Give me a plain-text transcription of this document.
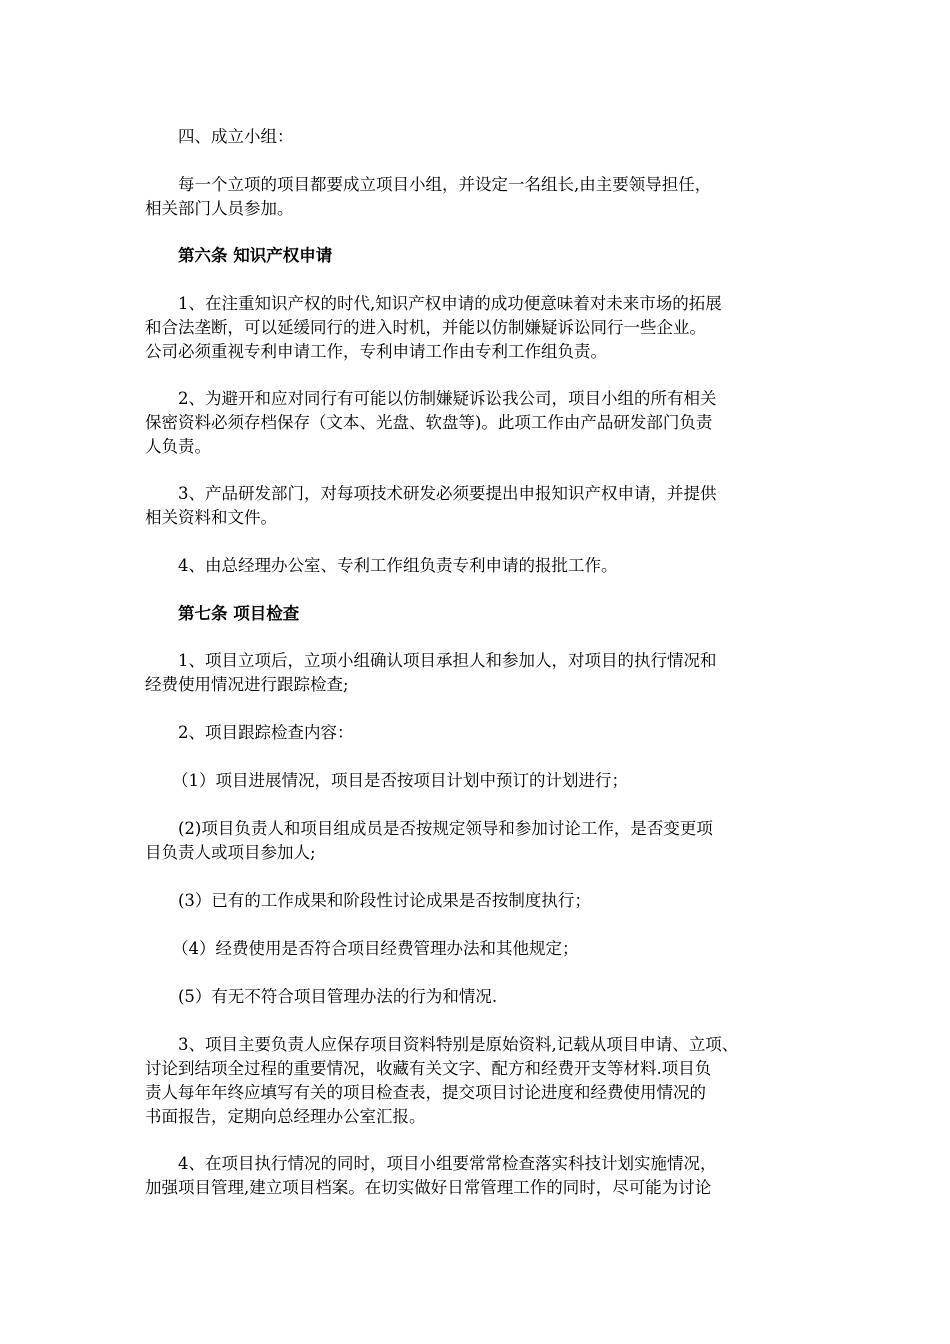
四、成立小组：

每一个立项的项目都要成立项目小组，并设定一名组长,由主要领导担任，
相关部门人员参加。

第六条 知识产权申请

1、在注重知识产权的时代,知识产权申请的成功便意味着对未来市场的拓展
和合法垄断，可以延缓同行的进入时机，并能以仿制嫌疑诉讼同行一些企业。
公司必须重视专利申请工作，专利申请工作由专利工作组负责。

2、为避开和应对同行有可能以仿制嫌疑诉讼我公司，项目小组的所有相关
保密资料必须存档保存（文本、光盘、软盘等)。此项工作由产品研发部门负责
人负责。

3、产品研发部门，对每项技术研发必须要提出申报知识产权申请，并提供
相关资料和文件。

4、由总经理办公室、专利工作组负责专利申请的报批工作。

第七条 项目检查

1、项目立项后，立项小组确认项目承担人和参加人，对项目的执行情况和
经费使用情况进行跟踪检查;

2、项目跟踪检查内容：

（1）项目进展情况，项目是否按项目计划中预订的计划进行；

(2)项目负责人和项目组成员是否按规定领导和参加讨论工作，是否变更项
目负责人或项目参加人;

(3）已有的工作成果和阶段性讨论成果是否按制度执行；

（4）经费使用是否符合项目经费管理办法和其他规定；

(5）有无不符合项目管理办法的行为和情况.

3、项目主要负责人应保存项目资料特别是原始资料,记载从项目申请、立项、
讨论到结项全过程的重要情况，收藏有关文字、配方和经费开支等材料.项目负
责人每年年终应填写有关的项目检查表，提交项目讨论进度和经费使用情况的
书面报告，定期向总经理办公室汇报。

4、在项目执行情况的同时，项目小组要常常检查落实科技计划实施情况，
加强项目管理,建立项目档案。在切实做好日常管理工作的同时，尽可能为讨论
